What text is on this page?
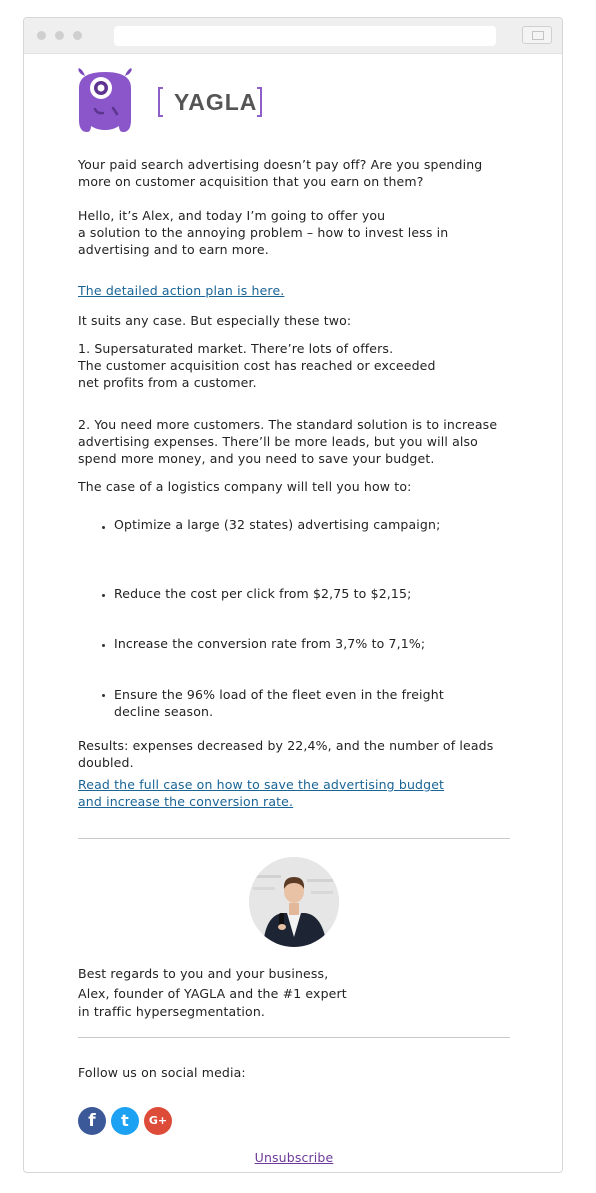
YAGLA
Your paid search advertising doesn’t pay off? Are you spending
more on customer acquisition that you earn on them?
Hello, it’s Alex, and today I’m going to offer you
a solution to the annoying problem – how to invest less in
advertising and to earn more.
The detailed action plan is here.
It suits any case. But especially these two:
1. Supersaturated market. There’re lots of offers.
The customer acquisition cost has reached or exceeded
net profits from a customer.
2. You need more customers. The standard solution is to increase
advertising expenses. There’ll be more leads, but you will also
spend more money, and you need to save your budget.
The case of a logistics company will tell you how to:
Optimize a large (32 states) advertising campaign;
Reduce the cost per click from $2,75 to $2,15;
Increase the conversion rate from 3,7% to 7,1%;
Ensure the 96% load of the fleet even in the freight
decline season.
Results: expenses decreased by 22,4%, and the number of leads
doubled.
Read the full case on how to save the advertising budget
and increase the conversion rate.
Best regards to you and your business,
Alex, founder of YAGLA and the #1 expert
in traffic hypersegmentation.
Follow us on social media:
f	t	G+
Unsubscribe
